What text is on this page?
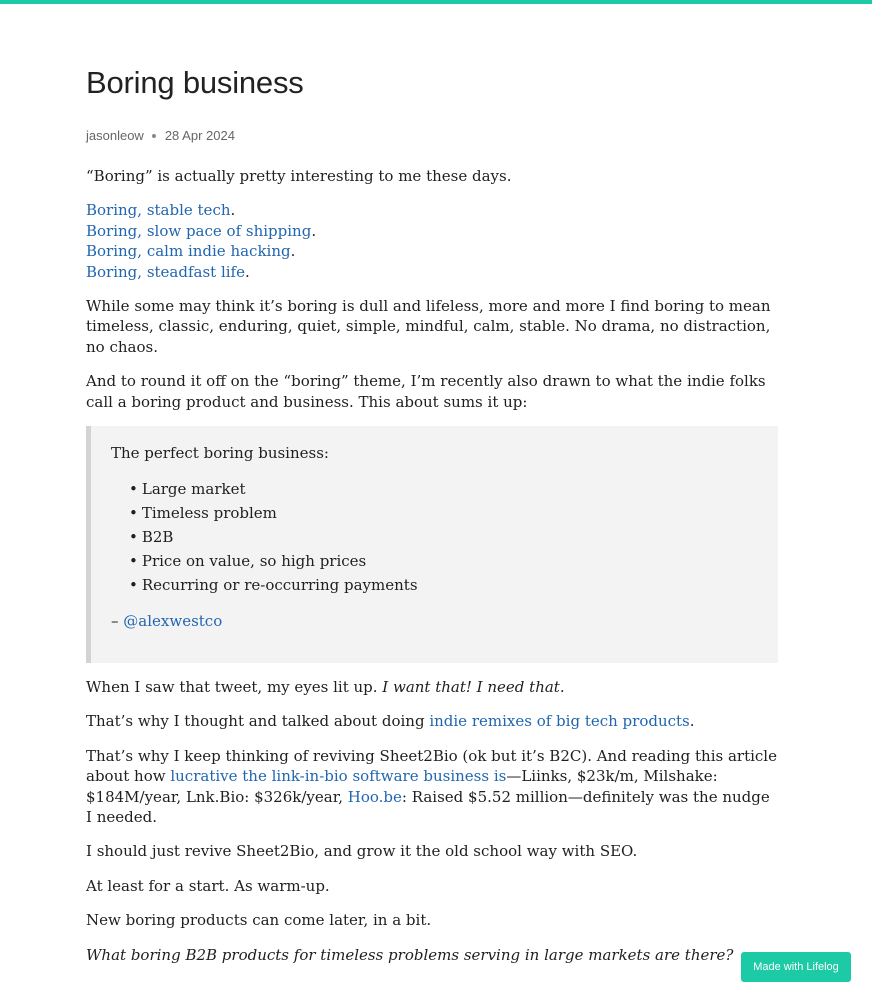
Boring business
jasonleow 28 Apr 2024

“Boring” is actually pretty interesting to me these days.

Boring, stable tech.
Boring, slow pace of shipping.
Boring, calm indie hacking.
Boring, steadfast life.

While some may think it’s boring is dull and lifeless, more and more I find boring to mean timeless, classic, enduring, quiet, simple, mindful, calm, stable. No drama, no distraction, no chaos.

And to round it off on the “boring” theme, I’m recently also drawn to what the indie folks call a boring product and business. This about sums it up:

The perfect boring business:

• Large market
• Timeless problem
• B2B
• Price on value, so high prices
• Recurring or re-occurring payments

– @alexwestco

When I saw that tweet, my eyes lit up. I want that! I need that.

That’s why I thought and talked about doing indie remixes of big tech products.

That’s why I keep thinking of reviving Sheet2Bio (ok but it’s B2C). And reading this article about how lucrative the link-in-bio software business is—Liinks, $23k/m, Milshake: $184M/year, Lnk.Bio: $326k/year, Hoo.be: Raised $5.52 million—definitely was the nudge I needed.

I should just revive Sheet2Bio, and grow it the old school way with SEO.

At least for a start. As warm-up.

New boring products can come later, in a bit.

What boring B2B products for timeless problems serving in large markets are there?

Made with Lifelog
